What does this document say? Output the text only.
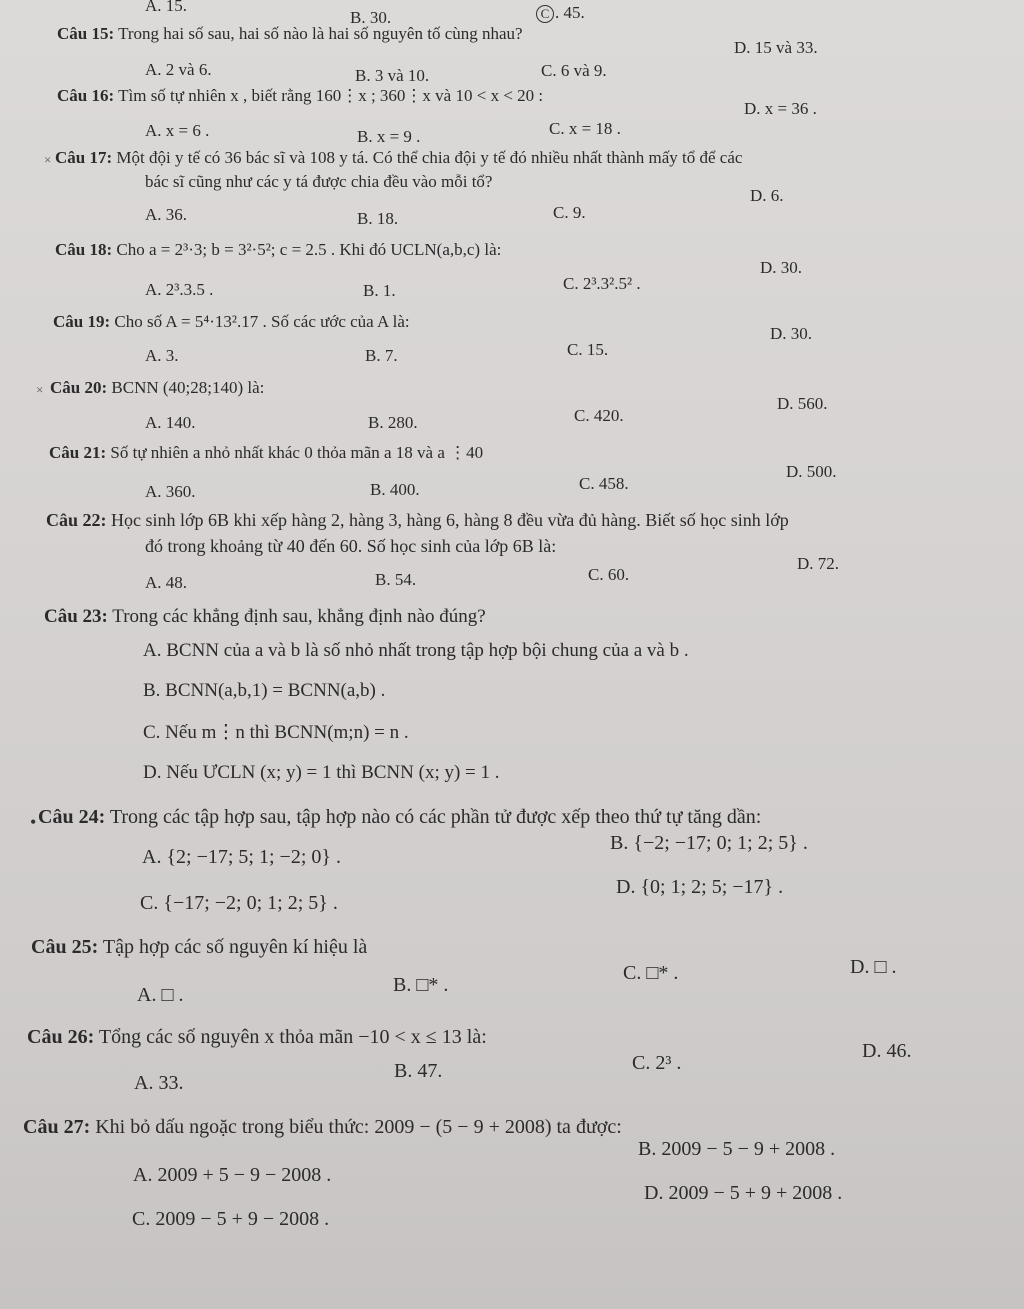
A. 15.
B. 30.	C . 45.
Câu 15: Trong hai số sau, hai số nào là hai số nguyên tố cùng nhau?
A. 2 và 6.	B. 3 và 10.	C. 6 và 9.
D. 15 và 33.
Câu 16: Tìm số tự nhiên x , biết rằng 160⋮x ; 360⋮x và 10 < x < 20 :
A. x = 6 .	B. x = 9 .	C. x = 18 .
D. x = 36 .
× Câu 17: Một đội y tế có 36 bác sĩ và 108 y tá. Có thể chia đội y tế đó nhiều nhất thành mấy tổ để các
bác sĩ cũng như các y tá được chia đều vào mỗi tổ?
A. 36.	B. 18.	C. 9.
D. 6.
Câu 18: Cho a = 2³·3; b = 3²·5²; c = 2.5 . Khi đó UCLN(a,b,c) là:
A. 2³.3.5 .	B. 1.	C. 2³.3².5² .
D. 30.
Câu 19: Cho số A = 5⁴·13².17 . Số các ước của A là:
A. 3.	B. 7.	C. 15.
D. 30.
× Câu 20: BCNN (40;28;140) là:
A. 140.	B. 280.	C. 420.
D. 560.
Câu 21: Số tự nhiên a nhỏ nhất khác 0 thỏa mãn a 18 và a ⋮40
A. 360.	B. 400.	C. 458.
D. 500.
Câu 22: Học sinh lớp 6B khi xếp hàng 2, hàng 3, hàng 6, hàng 8 đều vừa đủ hàng. Biết số học sinh lớp
đó trong khoảng từ 40 đến 60. Số học sinh của lớp 6B là:
A. 48.	B. 54.	C. 60.
D. 72.
Câu 23: Trong các khẳng định sau, khẳng định nào đúng?
A. BCNN của a và b là số nhỏ nhất trong tập hợp bội chung của a và b .
B. BCNN(a,b,1) = BCNN(a,b) .
C. Nếu m⋮n thì BCNN(m;n) = n .
D. Nếu ƯCLN (x; y) = 1 thì BCNN (x; y) = 1 .
• Câu 24: Trong các tập hợp sau, tập hợp nào có các phần tử được xếp theo thứ tự tăng dần:
A. {2; −17; 5; 1; −2; 0} .
B. {−2; −17; 0; 1; 2; 5} .
C. {−17; −2; 0; 1; 2; 5} .
D. {0; 1; 2; 5; −17} .
Câu 25: Tập hợp các số nguyên kí hiệu là
A. □ .	B. □* .
C. □* .	D. □ .
Câu 26: Tổng các số nguyên x thỏa mãn −10 < x ≤ 13 là:
A. 33.
B. 47.	C. 2³ .
D. 46.
Câu 27: Khi bỏ dấu ngoặc trong biểu thức: 2009 − (5 − 9 + 2008) ta được:
A. 2009 + 5 − 9 − 2008 .
B. 2009 − 5 − 9 + 2008 .
C. 2009 − 5 + 9 − 2008 .
D. 2009 − 5 + 9 + 2008 .
